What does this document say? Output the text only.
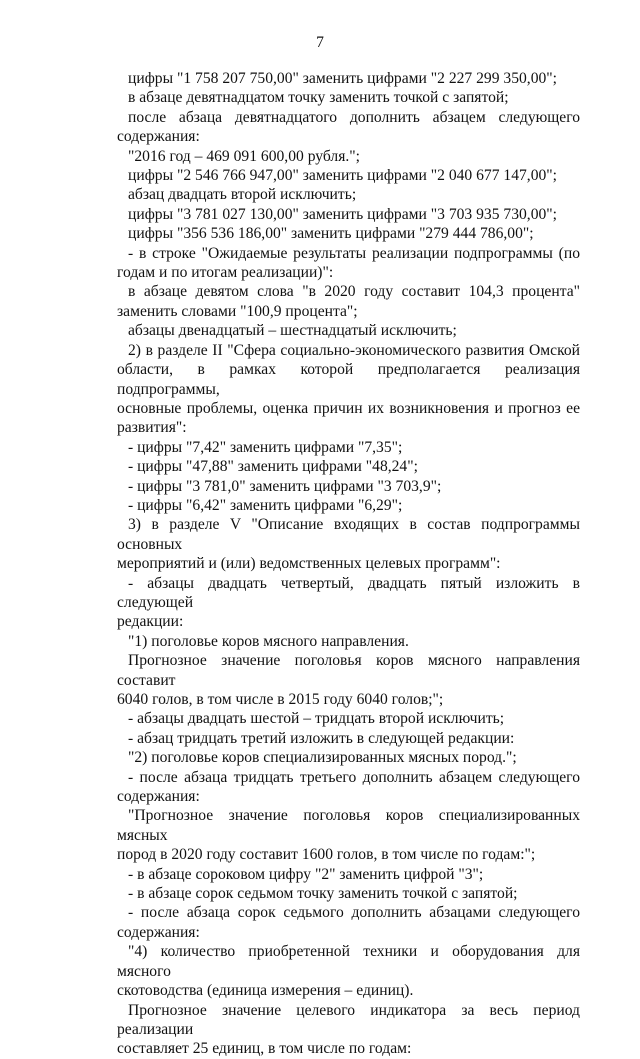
7

цифры "1 758 207 750,00" заменить цифрами "2 227 299 350,00";

в абзаце девятнадцатом точку заменить точкой с запятой;

после абзаца девятнадцатого дополнить абзацем следующего

содержания:

"2016 год – 469 091 600,00 рубля.";

цифры "2 546 766 947,00" заменить цифрами "2 040 677 147,00";

абзац двадцать второй исключить;

цифры "3 781 027 130,00" заменить цифрами "3 703 935 730,00";

цифры "356 536 186,00" заменить цифрами "279 444 786,00";

- в строке "Ожидаемые результаты реализации подпрограммы (по

годам и по итогам реализации)":

в абзаце девятом слова "в 2020 году составит 104,3 процента"

заменить словами "100,9 процента";

абзацы двенадцатый – шестнадцатый исключить;

2) в разделе II "Сфера социально-экономического развития Омской

области, в рамках которой предполагается реализация подпрограммы,

основные проблемы, оценка причин их возникновения и прогноз ее

развития":

- цифры "7,42" заменить цифрами "7,35";

- цифры "47,88" заменить цифрами "48,24";

- цифры "3 781,0" заменить цифрами "3 703,9";

- цифры "6,42" заменить цифрами "6,29";

3) в разделе V "Описание входящих в состав подпрограммы основных

мероприятий и (или) ведомственных целевых программ":

- абзацы двадцать четвертый, двадцать пятый изложить в следующей

редакции:

"1) поголовье коров мясного направления.

Прогнозное значение поголовья коров мясного направления составит

6040 голов, в том числе в 2015 году 6040 голов;";

- абзацы двадцать шестой – тридцать второй исключить;

- абзац тридцать третий изложить в следующей редакции:

"2) поголовье коров специализированных мясных пород.";

- после абзаца тридцать третьего дополнить абзацем следующего

содержания:

"Прогнозное значение поголовья коров специализированных мясных

пород в 2020 году составит 1600 голов, в том числе по годам:";

- в абзаце сороковом цифру "2" заменить цифрой "3";

- в абзаце сорок седьмом точку заменить точкой с запятой;

- после абзаца сорок седьмого дополнить абзацами следующего

содержания:

"4) количество приобретенной техники и оборудования для мясного

скотоводства (единица измерения – единиц).

Прогнозное значение целевого индикатора за весь период реализации

составляет 25 единиц, в том числе по годам:
